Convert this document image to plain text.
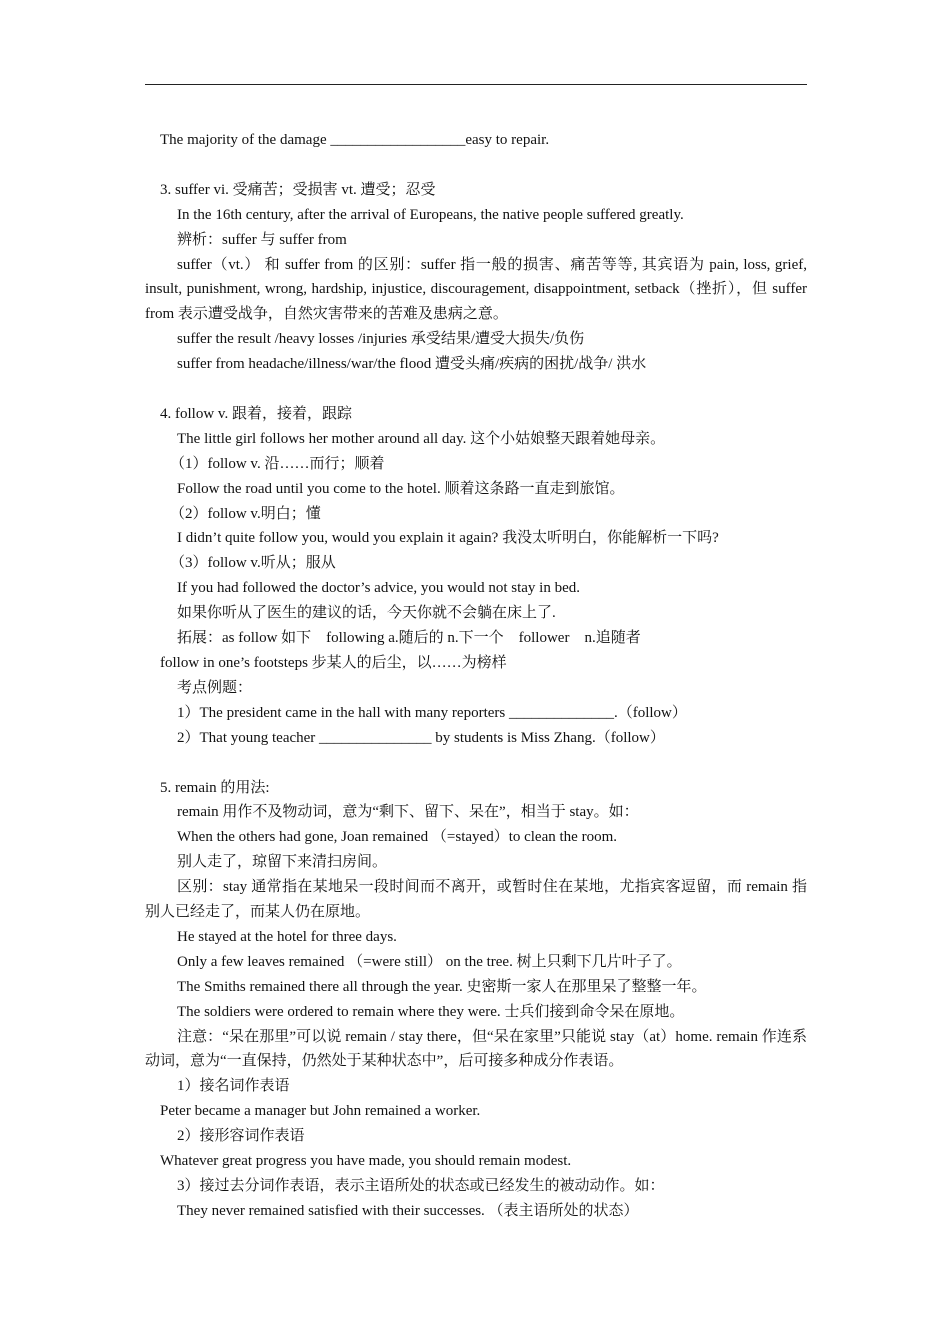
The majority of the damage __________________easy to repair.
3. suffer vi. 受痛苦；受损害 vt. 遭受；忍受
In the 16th century, after the arrival of Europeans, the native people suffered greatly.
辨析：suffer 与 suffer from
suffer（vt.） 和 suffer from 的区别：suffer 指一般的损害、痛苦等等, 其宾语为 pain, loss, grief, insult, punishment, wrong, hardship, injustice, discouragement, disappointment, setback（挫折），但 suffer from 表示遭受战争，自然灾害带来的苦难及患病之意。
suffer the result /heavy losses /injuries 承受结果/遭受大损失/负伤
suffer from headache/illness/war/the flood 遭受头痛/疾病的困扰/战争/ 洪水
4. follow v. 跟着，接着，跟踪
The little girl follows her mother around all day. 这个小姑娘整天跟着她母亲。
（1）follow v. 沿……而行；顺着
Follow the road until you come to the hotel. 顺着这条路一直走到旅馆。
（2）follow v.明白；懂
I didn’t quite follow you, would you explain it again? 我没太听明白，你能解析一下吗?
（3）follow v.听从；服从
If you had followed the doctor’s advice, you would not stay in bed.
如果你听从了医生的建议的话，今天你就不会躺在床上了.
拓展：as follow 如下　following a.随后的 n.下一个　follower　n.追随者
follow in one’s footsteps 步某人的后尘，以……为榜样
考点例题：
1）The president came in the hall with many reporters ______________.（follow）
2）That young teacher _______________ by students is Miss Zhang.（follow）
5. remain 的用法:
remain 用作不及物动词，意为“剩下、留下、呆在”，相当于 stay。如：
When the others had gone, Joan remained （=stayed）to clean the room.
别人走了，琼留下来清扫房间。
区别：stay 通常指在某地呆一段时间而不离开，或暂时住在某地，尤指宾客逗留，而 remain 指别人已经走了，而某人仍在原地。
He stayed at the hotel for three days.
Only a few leaves remained （=were still） on the tree. 树上只剩下几片叶子了。
The Smiths remained there all through the year. 史密斯一家人在那里呆了整整一年。
The soldiers were ordered to remain where they were. 士兵们接到命令呆在原地。
注意：“呆在那里”可以说 remain / stay there，但“呆在家里”只能说 stay（at）home. remain 作连系动词，意为“一直保持，仍然处于某种状态中”，后可接多种成分作表语。
1）接名词作表语
Peter became a manager but John remained a worker.
2）接形容词作表语
Whatever great progress you have made, you should remain modest.
3）接过去分词作表语，表示主语所处的状态或已经发生的被动动作。如：
They never remained satisfied with their successes. （表主语所处的状态）
